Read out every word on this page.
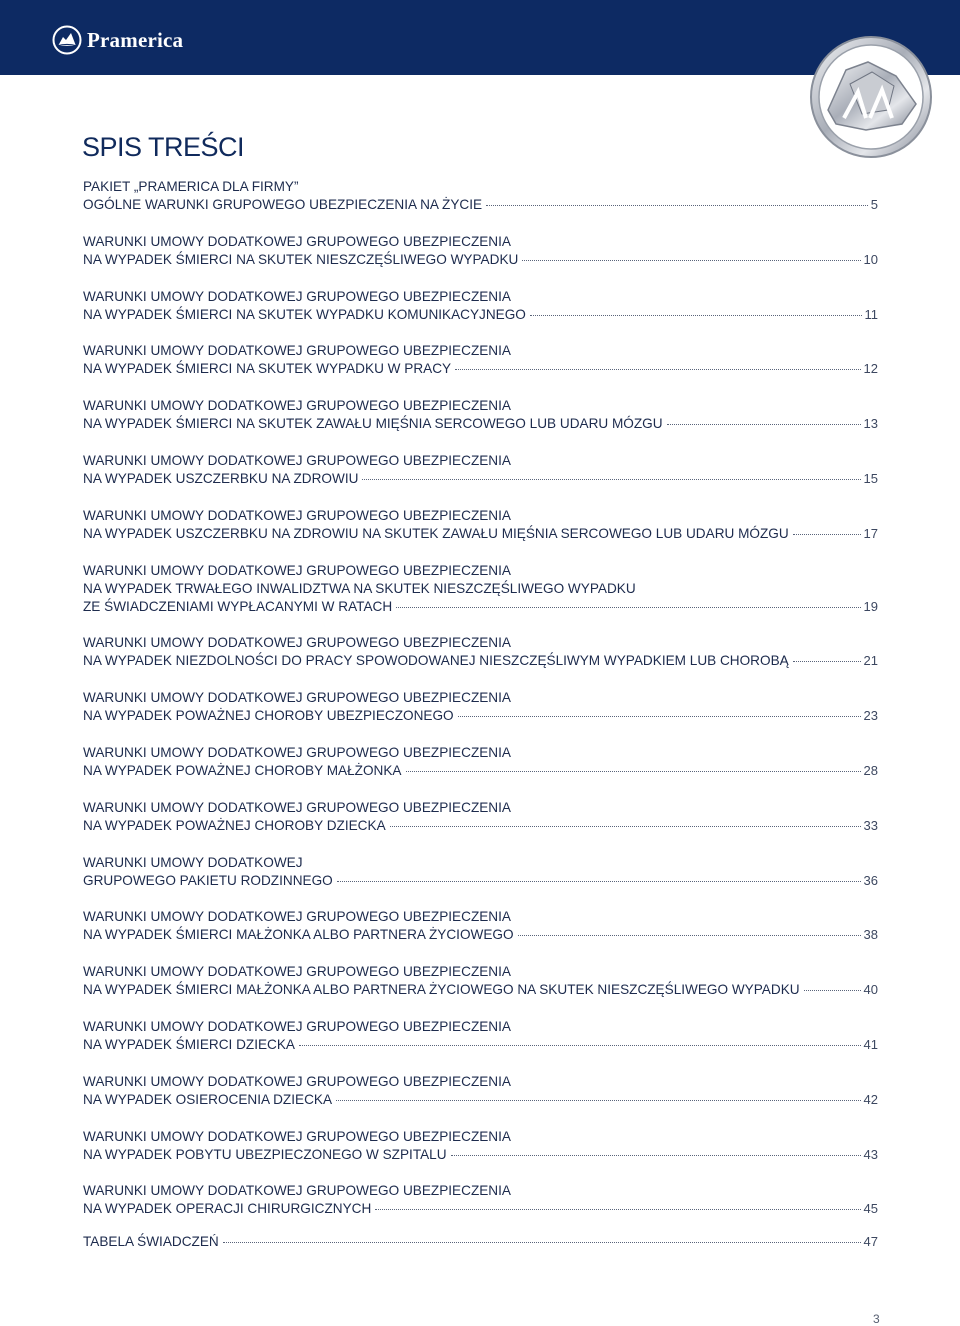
Pramerica
SPIS TREŚCI
PAKIET „PRAMERICA DLA FIRMY”
OGÓLNE WARUNKI GRUPOWEGO UBEZPIECZENIA NA ŻYCIE	5
WARUNKI UMOWY DODATKOWEJ GRUPOWEGO UBEZPIECZENIA
NA WYPADEK ŚMIERCI NA SKUTEK NIESZCZĘŚLIWEGO WYPADKU	10
WARUNKI UMOWY DODATKOWEJ GRUPOWEGO UBEZPIECZENIA
NA WYPADEK ŚMIERCI NA SKUTEK WYPADKU KOMUNIKACYJNEGO	11
WARUNKI UMOWY DODATKOWEJ GRUPOWEGO UBEZPIECZENIA
NA WYPADEK ŚMIERCI NA SKUTEK WYPADKU W PRACY	12
WARUNKI UMOWY DODATKOWEJ GRUPOWEGO UBEZPIECZENIA
NA WYPADEK ŚMIERCI NA SKUTEK ZAWAŁU MIĘŚNIA SERCOWEGO LUB UDARU MÓZGU	13
WARUNKI UMOWY DODATKOWEJ GRUPOWEGO UBEZPIECZENIA
NA WYPADEK USZCZERBKU NA ZDROWIU	15
WARUNKI UMOWY DODATKOWEJ GRUPOWEGO UBEZPIECZENIA
NA WYPADEK USZCZERBKU NA ZDROWIU NA SKUTEK ZAWAŁU MIĘŚNIA SERCOWEGO LUB UDARU MÓZGU	17
WARUNKI UMOWY DODATKOWEJ GRUPOWEGO UBEZPIECZENIA
NA WYPADEK TRWAŁEGO INWALIDZTWA NA SKUTEK NIESZCZĘŚLIWEGO WYPADKU
ZE ŚWIADCZENIAMI WYPŁACANYMI W RATACH	19
WARUNKI UMOWY DODATKOWEJ GRUPOWEGO UBEZPIECZENIA
NA WYPADEK NIEZDOLNOŚCI DO PRACY SPOWODOWANEJ NIESZCZĘŚLIWYM WYPADKIEM LUB CHOROBĄ	21
WARUNKI UMOWY DODATKOWEJ GRUPOWEGO UBEZPIECZENIA
NA WYPADEK POWAŻNEJ CHOROBY UBEZPIECZONEGO	23
WARUNKI UMOWY DODATKOWEJ GRUPOWEGO UBEZPIECZENIA
NA WYPADEK POWAŻNEJ CHOROBY MAŁŻONKA	28
WARUNKI UMOWY DODATKOWEJ GRUPOWEGO UBEZPIECZENIA
NA WYPADEK POWAŻNEJ CHOROBY DZIECKA	33
WARUNKI UMOWY DODATKOWEJ
GRUPOWEGO PAKIETU RODZINNEGO	36
WARUNKI UMOWY DODATKOWEJ GRUPOWEGO UBEZPIECZENIA
NA WYPADEK ŚMIERCI MAŁŻONKA ALBO PARTNERA ŻYCIOWEGO	38
WARUNKI UMOWY DODATKOWEJ GRUPOWEGO UBEZPIECZENIA
NA WYPADEK ŚMIERCI MAŁŻONKA ALBO PARTNERA ŻYCIOWEGO NA SKUTEK NIESZCZĘŚLIWEGO WYPADKU	40
WARUNKI UMOWY DODATKOWEJ GRUPOWEGO UBEZPIECZENIA
NA WYPADEK ŚMIERCI DZIECKA	41
WARUNKI UMOWY DODATKOWEJ GRUPOWEGO UBEZPIECZENIA
NA WYPADEK OSIEROCENIA DZIECKA	42
WARUNKI UMOWY DODATKOWEJ GRUPOWEGO UBEZPIECZENIA
NA WYPADEK POBYTU UBEZPIECZONEGO W SZPITALU	43
WARUNKI UMOWY DODATKOWEJ GRUPOWEGO UBEZPIECZENIA
NA WYPADEK OPERACJI CHIRURGICZNYCH	45
TABELA ŚWIADCZEŃ	47
3
